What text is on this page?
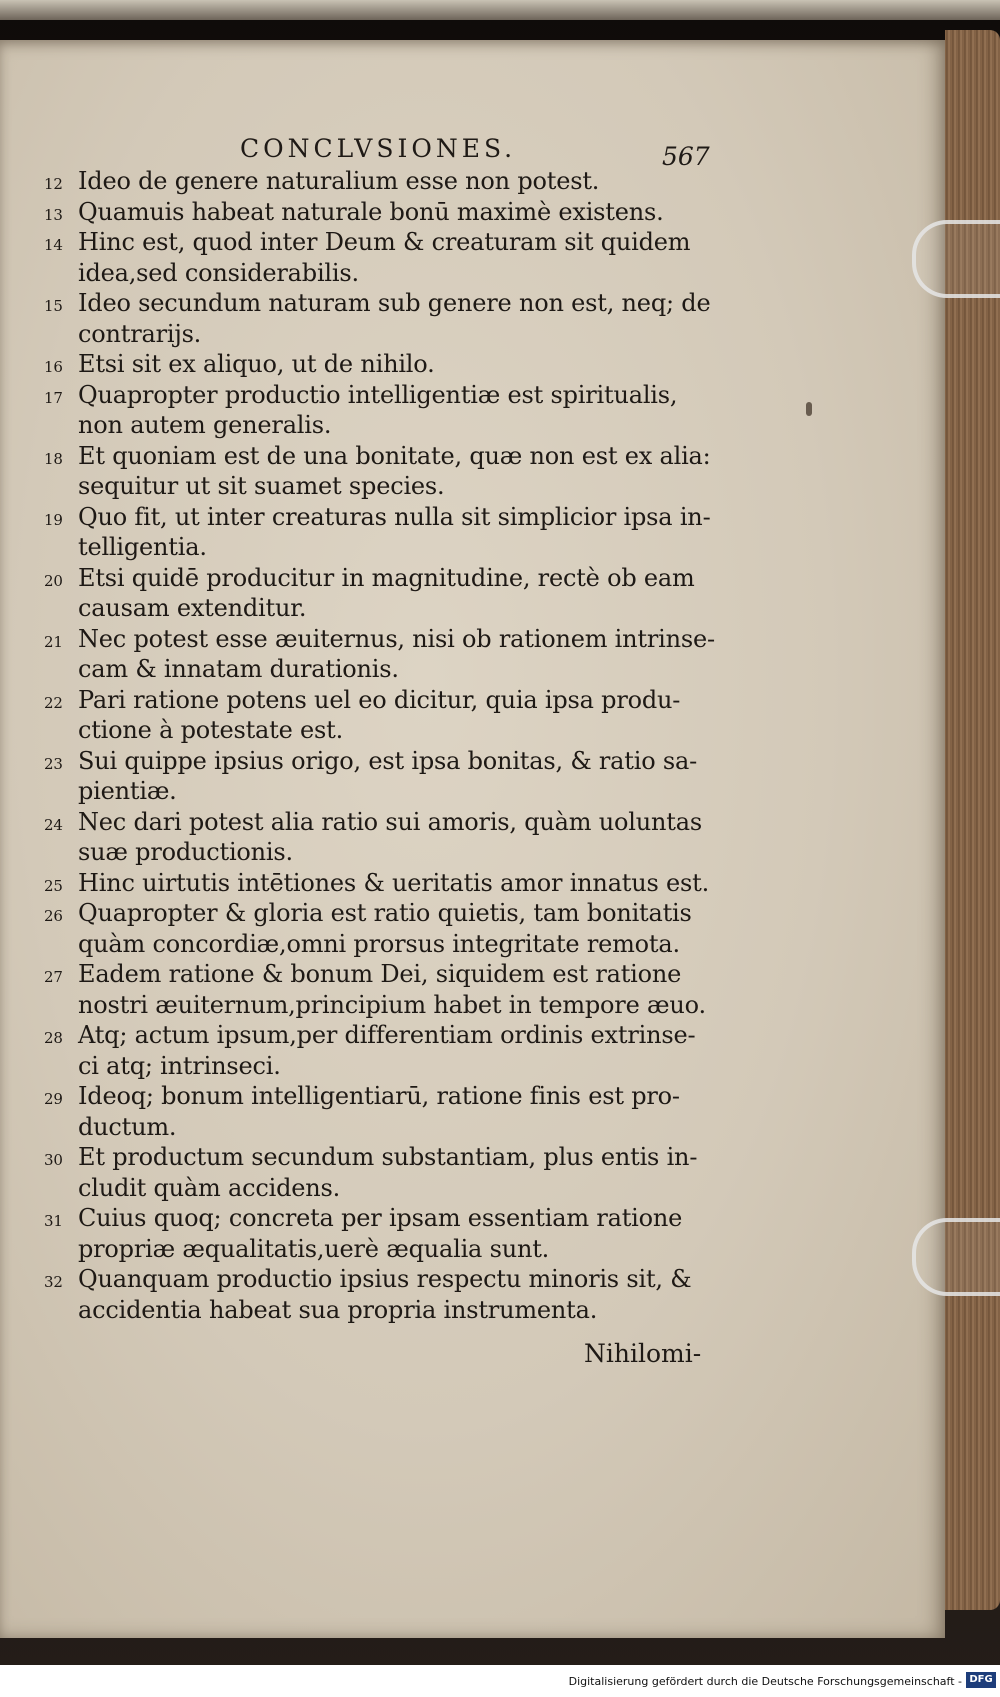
CONCLVSIONES.	567
12 Ideo de genere naturalium esse non potest.
13 Quamuis habeat naturale bonū maximè existens.
14 Hinc est, quod inter Deum & creaturam sit quidem
idea,sed considerabilis.
15 Ideo secundum naturam sub genere non est, neq; de
contrarijs.
16 Etsi sit ex aliquo, ut de nihilo.
17 Quapropter productio intelligentiæ est spiritualis,
non autem generalis.
18 Et quoniam est de una bonitate, quæ non est ex alia:
sequitur ut sit suamet species.
19 Quo fit, ut inter creaturas nulla sit simplicior ipsa in-
telligentia.
20 Etsi quidē producitur in magnitudine, rectè ob eam
causam extenditur.
21 Nec potest esse æuiternus, nisi ob rationem intrinse-
cam & innatam durationis.
22 Pari ratione potens uel eo dicitur, quia ipsa produ-
ctione à potestate est.
23 Sui quippe ipsius origo, est ipsa bonitas, & ratio sa-
pientiæ.
24 Nec dari potest alia ratio sui amoris, quàm uoluntas
suæ productionis.
25 Hinc uirtutis intētiones & ueritatis amor innatus est.
26 Quapropter & gloria est ratio quietis, tam bonitatis
quàm concordiæ,omni prorsus integritate remota.
27 Eadem ratione & bonum Dei, siquidem est ratione
nostri æuiternum,principium habet in tempore æuo.
28 Atq; actum ipsum,per differentiam ordinis extrinse-
ci atq; intrinseci.
29 Ideoq; bonum intelligentiarū, ratione finis est pro-
ductum.
30 Et productum secundum substantiam, plus entis in-
cludit quàm accidens.
31 Cuius quoq; concreta per ipsam essentiam ratione
propriæ æqualitatis,uerè æqualia sunt.
32 Quanquam productio ipsius respectu minoris sit, &
accidentia habeat sua propria instrumenta.
Nihilomi-
Digitalisierung gefördert durch die Deutsche Forschungsgemeinschaft - DFG
